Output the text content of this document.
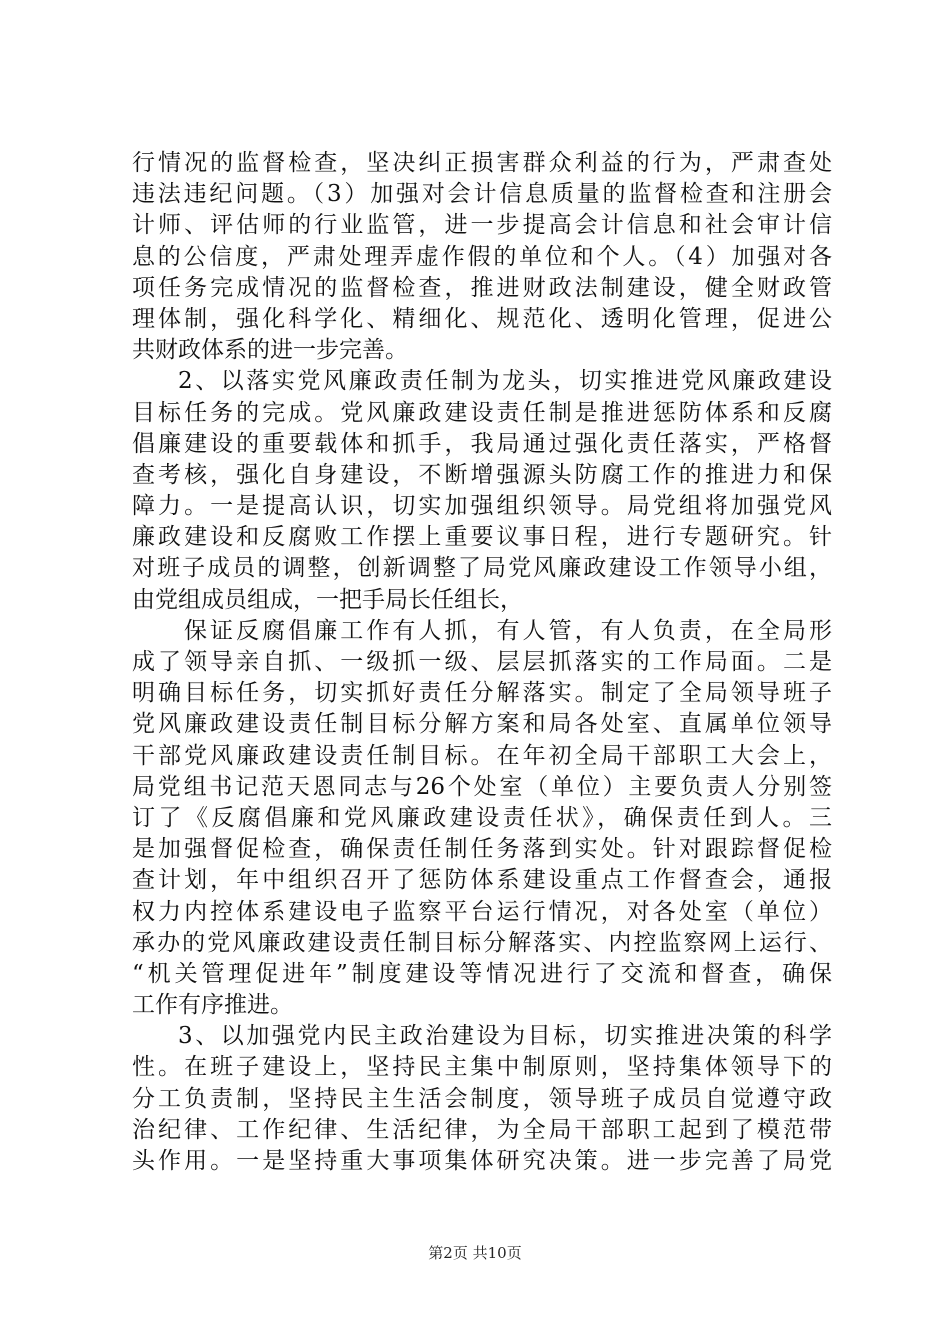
行情况的监督检查，坚决纠正损害群众利益的行为，严肃查处
违法违纪问题。（3）加强对会计信息质量的监督检查和注册会
计师、评估师的行业监管，进一步提高会计信息和社会审计信
息的公信度，严肃处理弄虚作假的单位和个人。（4）加强对各
项任务完成情况的监督检查，推进财政法制建设，健全财政管
理体制，强化科学化、精细化、规范化、透明化管理，促进公
共财政体系的进一步完善。
2、以落实党风廉政责任制为龙头，切实推进党风廉政建设
目标任务的完成。党风廉政建设责任制是推进惩防体系和反腐
倡廉建设的重要载体和抓手，我局通过强化责任落实，严格督
查考核，强化自身建设，不断增强源头防腐工作的推进力和保
障力。一是提高认识，切实加强组织领导。局党组将加强党风
廉政建设和反腐败工作摆上重要议事日程，进行专题研究。针
对班子成员的调整，创新调整了局党风廉政建设工作领导小组，
由党组成员组成，一把手局长任组长，
保证反腐倡廉工作有人抓，有人管，有人负责，在全局形
成了领导亲自抓、一级抓一级、层层抓落实的工作局面。二是
明确目标任务，切实抓好责任分解落实。制定了全局领导班子
党风廉政建设责任制目标分解方案和局各处室、直属单位领导
干部党风廉政建设责任制目标。在年初全局干部职工大会上，
局党组书记范天恩同志与26个处室（单位）主要负责人分别签
订了《反腐倡廉和党风廉政建设责任状》，确保责任到人。三
是加强督促检查，确保责任制任务落到实处。针对跟踪督促检
查计划，年中组织召开了惩防体系建设重点工作督查会，通报
权力内控体系建设电子监察平台运行情况，对各处室（单位）
承办的党风廉政建设责任制目标分解落实、内控监察网上运行、
“机关管理促进年”制度建设等情况进行了交流和督查，确保
工作有序推进。
3、以加强党内民主政治建设为目标，切实推进决策的科学
性。在班子建设上，坚持民主集中制原则，坚持集体领导下的
分工负责制，坚持民主生活会制度，领导班子成员自觉遵守政
治纪律、工作纪律、生活纪律，为全局干部职工起到了模范带
头作用。一是坚持重大事项集体研究决策。进一步完善了局党
第2页 共10页
